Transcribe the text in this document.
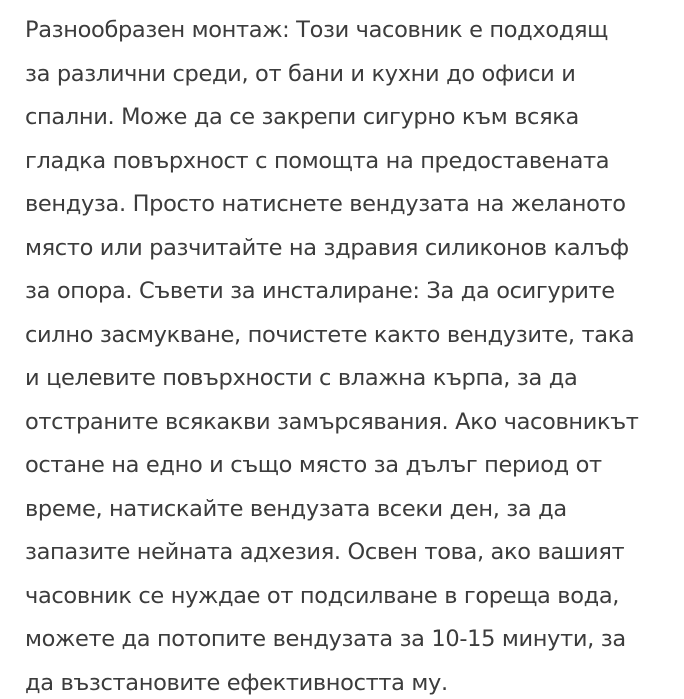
Разнообразен монтаж: Този часовник е подходящ
за различни среди, от бани и кухни до офиси и
спални. Може да се закрепи сигурно към всяка
гладка повърхност с помощта на предоставената
вендуза. Просто натиснете вендузата на желаното
място или разчитайте на здравия силиконов калъф
за опора. Съвети за инсталиране: За да осигурите
силно засмукване, почистете както вендузите, така
и целевите повърхности с влажна кърпа, за да
отстраните всякакви замърсявания. Ако часовникът
остане на едно и също място за дълъг период от
време, натискайте вендузата всеки ден, за да
запазите нейната адхезия. Освен това, ако вашият
часовник се нуждае от подсилване в гореща вода,
можете да потопите вендузата за 10-15 минути, за
да възстановите ефективността му.
